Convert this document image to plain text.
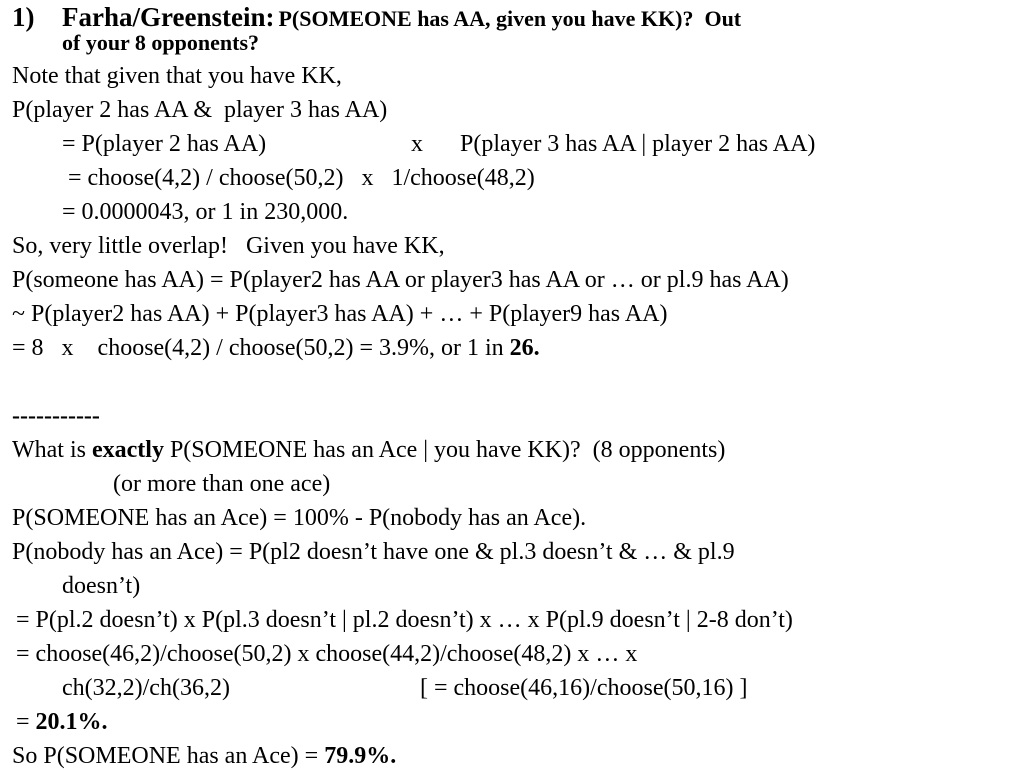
1) Farha/Greenstein: P(SOMEONE has AA, given you have KK)?  Out
of your 8 opponents?
Note that given that you have KK,
P(player 2 has AA &  player 3 has AA)
= P(player 2 has AA)	x P(player 3 has AA | player 2 has AA)
= choose(4,2) / choose(50,2)   x   1/choose(48,2)
= 0.0000043, or 1 in 230,000.
So, very little overlap!   Given you have KK,
P(someone has AA) = P(player2 has AA or player3 has AA or … or pl.9 has AA)
~ P(player2 has AA) + P(player3 has AA) + … + P(player9 has AA)
= 8   x    choose(4,2) / choose(50,2) = 3.9%, or 1 in 26.
-----------
What is exactly P(SOMEONE has an Ace | you have KK)?  (8 opponents)
(or more than one ace)
P(SOMEONE has an Ace) = 100% - P(nobody has an Ace).
P(nobody has an Ace) = P(pl2 doesn’t have one & pl.3 doesn’t & … & pl.9
doesn’t)
= P(pl.2 doesn’t) x P(pl.3 doesn’t | pl.2 doesn’t) x … x P(pl.9 doesn’t | 2-8 don’t)
= choose(46,2)/choose(50,2) x choose(44,2)/choose(48,2) x … x
ch(32,2)/ch(36,2)	[ = choose(46,16)/choose(50,16) ]
= 20.1%.
So P(SOMEONE has an Ace) = 79.9%.
